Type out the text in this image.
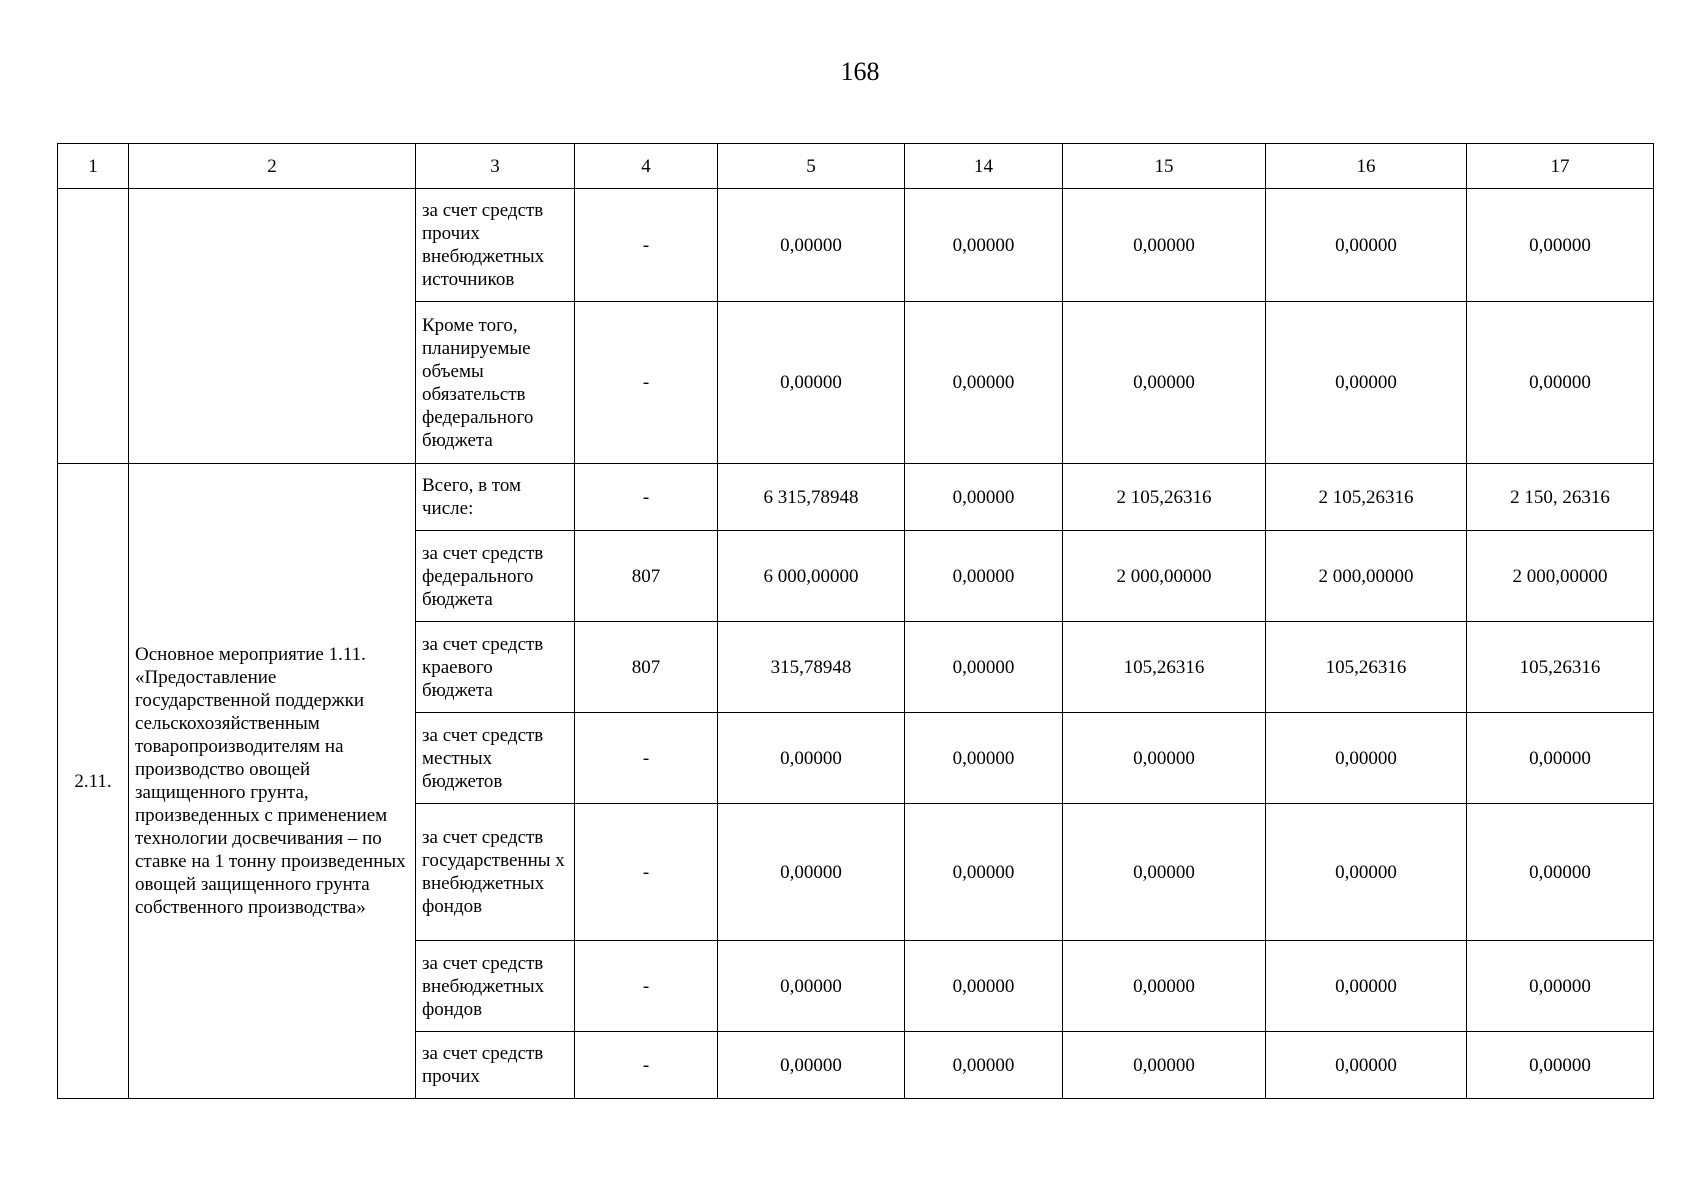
168
1	2	3	4	5	14	15	16	17
		за счет средств прочих внебюджетных источников	-	0,00000	0,00000	0,00000	0,00000	0,00000
		Кроме того, планируемые объемы обязательств федерального бюджета	-	0,00000	0,00000	0,00000	0,00000	0,00000
2.11.	Основное мероприятие 1.11. «Предоставление государственной поддержки сельскохозяйственным товаропроизводителям на производство овощей защищенного грунта, произведенных с применением технологии досвечивания – по ставке на 1 тонну произведенных овощей защищенного грунта собственного производства»	Всего, в том числе:	-	6 315,78948	0,00000	2 105,26316	2 105,26316	2 150, 26316
		за счет средств федерального бюджета	807	6 000,00000	0,00000	2 000,00000	2 000,00000	2 000,00000
		за счет средств краевого бюджета	807	315,78948	0,00000	105,26316	105,26316	105,26316
		за счет средств местных бюджетов	-	0,00000	0,00000	0,00000	0,00000	0,00000
		за счет средств государственны х внебюджетных фондов	-	0,00000	0,00000	0,00000	0,00000	0,00000
		за счет средств внебюджетных фондов	-	0,00000	0,00000	0,00000	0,00000	0,00000
		за счет средств прочих	-	0,00000	0,00000	0,00000	0,00000	0,00000
